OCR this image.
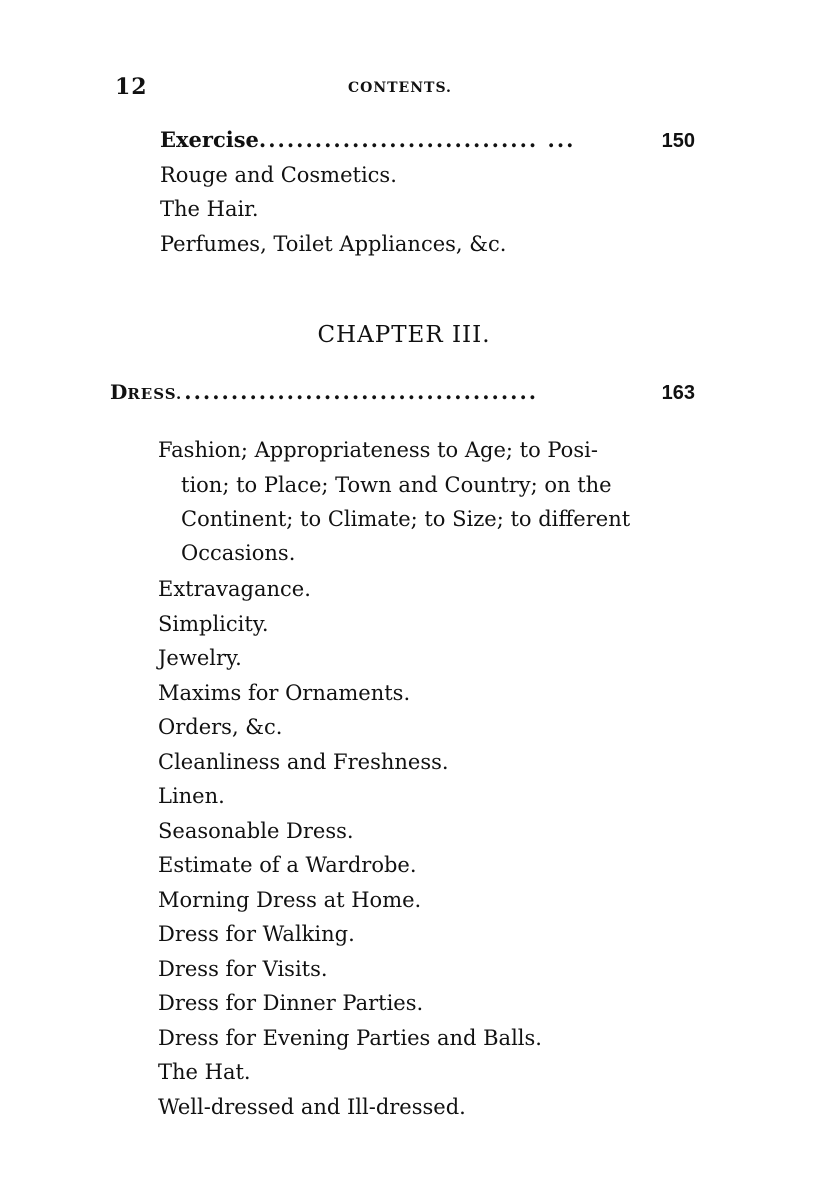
12	CONTENTS.
Exercise. ............................. ...	150
Rouge and Cosmetics.
The Hair.
Perfumes, Toilet Appliances, &c.
CHAPTER III.
DRESS. ......................................	163
Fashion; Appropriateness to Age; to Posi-
tion; to Place; Town and Country; on the
Continent; to Climate; to Size; to different
Occasions.
Extravagance.
Simplicity.
Jewelry.
Maxims for Ornaments.
Orders, &c.
Cleanliness and Freshness.
Linen.
Seasonable Dress.
Estimate of a Wardrobe.
Morning Dress at Home.
Dress for Walking.
Dress for Visits.
Dress for Dinner Parties.
Dress for Evening Parties and Balls.
The Hat.
Well-dressed and Ill-dressed.
